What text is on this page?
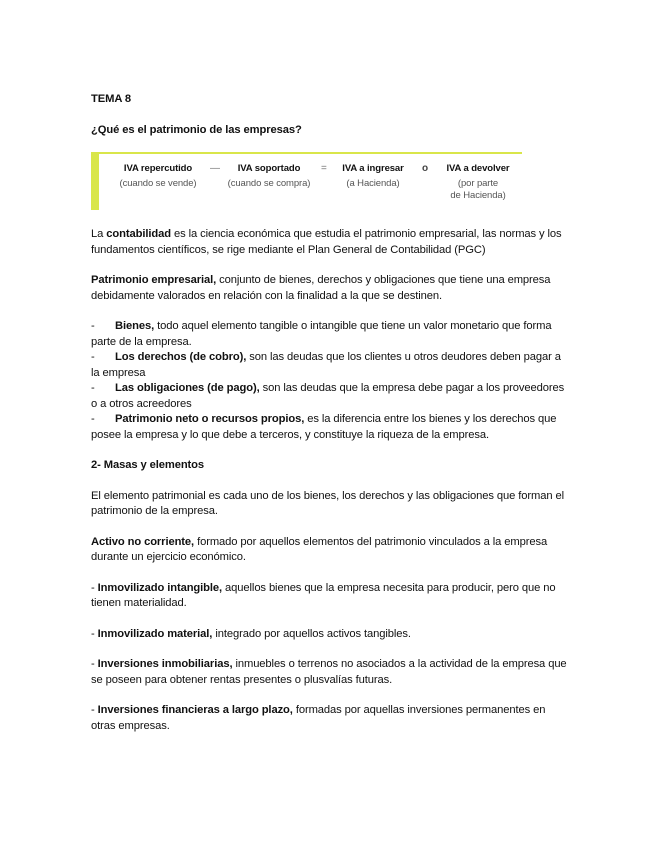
TEMA 8
¿Qué es el patrimonio de las empresas?
IVA repercutido
(cuando se vende)
—	IVA soportado
(cuando se compra)
=	IVA a ingresar
(a Hacienda)
o	IVA a devolver
(por parte
de Hacienda)

La contabilidad es la ciencia económica que estudia el patrimonio empresarial, las normas y los fundamentos científicos, se rige mediante el Plan General de Contabilidad (PGC)

Patrimonio empresarial, conjunto de bienes, derechos y obligaciones que tiene una empresa debidamente valorados en relación con la finalidad a la que se destinen.

- Bienes, todo aquel elemento tangible o intangible que tiene un valor monetario que forma parte de la empresa.
- Los derechos (de cobro), son las deudas que los clientes u otros deudores deben pagar a la empresa
- Las obligaciones (de pago), son las deudas que la empresa debe pagar a los proveedores o a otros acreedores
- Patrimonio neto o recursos propios, es la diferencia entre los bienes y los derechos que posee la empresa y lo que debe a terceros, y constituye la riqueza de la empresa.
2- Masas y elementos

El elemento patrimonial es cada uno de los bienes, los derechos y las obligaciones que forman el patrimonio de la empresa.

Activo no corriente, formado por aquellos elementos del patrimonio vinculados a la empresa durante un ejercicio económico.

- Inmovilizado intangible, aquellos bienes que la empresa necesita para producir, pero que no tienen materialidad.

- Inmovilizado material, integrado por aquellos activos tangibles.

- Inversiones inmobiliarias, inmuebles o terrenos no asociados a la actividad de la empresa que se poseen para obtener rentas presentes o plusvalías futuras.

- Inversiones financieras a largo plazo, formadas por aquellas inversiones permanentes en otras empresas.
